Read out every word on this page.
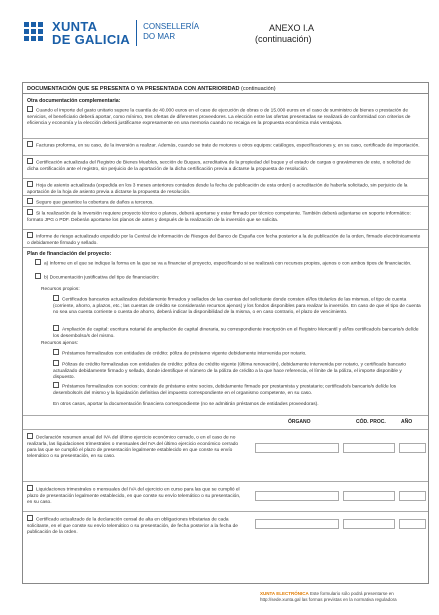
XUNTA
DE GALICIA
CONSELLERÍA
DO MAR
ANEXO I.A
(continuación)
DOCUMENTACIÓN QUE SE PRESENTA O YA PRESENTADA CON ANTERIORIDAD (continuación)
Otra documentación complementaria:
Cuando el importe del gasto unitario supere la cuantía de 40.000 euros en el caso de ejecución de obras o de 15.000 euros en el caso de suministro de bienes o prestación de servicios, el beneficiario deberá aportar, como mínimo, tres ofertas de diferentes proveedores. La elección entre las ofertas presentadas se realizará de conformidad con criterios de eficiencia y economía y la elección deberá justificarse expresamente en una memoria cuando no recaiga en la propuesta económica más ventajosa.
Facturas proforma, en su caso, de la inversión a realizar. Además, cuando se trate de motores u otros equipos: catálogos, especificaciones y, en su caso, certificado de importación.
Certificación actualizada del Registro de Bienes Muebles, sección de Buques, acreditativa de la propiedad del buque y el estado de cargas o gravámenes de este, o solicitud de dicha certificación ante el registro, sin perjuicio de la aportación de la dicha certificación previa a dictarse la propuesta de resolución.
Hoja de asiento actualizada (expedida en los 3 meses anteriores contados desde la fecha de publicación de esta orden) o acreditación de haberla solicitado, sin perjuicio de la aportación de la hoja de asiento previa a dictarse la propuesta de resolución.
Seguro que garantice la cobertura de daños a terceros.
Si la realización de la inversión requiere proyecto técnico o planos, deberá aportarse y estar firmado por técnico competente. También deberá adjuntarse en soporte informático: formato JPG o PDF. Deberán aportarse los planos de antes y después de la realización de la inversión que se solicita.
Informe de riesgo actualizado expedido por la Central de Información de Riesgos del Banco de España con fecha posterior a la de publicación de la orden, firmado electrónicamente o debidamente firmado y sellado.
Plan de financiación del proyecto:
a) Informe en el que se indique la forma en la que se va a financiar el proyecto, especificando si se realizará con recursos propios, ajenos o con ambos tipos de financiación.
b) Documentación justificativa del tipo de financiación:
Recursos propios:
Certificados bancarios actualizados debidamente firmados y sellados de las cuentas del solicitante donde consten el/los titular/es de las mismas, el tipo de cuenta (corriente, ahorro, a plazos, etc.; las cuentas de crédito se considerarán recursos ajenos) y los fondos disponibles para realizar la inversión. En caso de que el tipo de cuenta no sea una cuenta corriente o cuenta de ahorro, deberá indicar la disponibilidad de la misma, o en caso contrario, el plazo de vencimiento.
Ampliación de capital: escritura notarial de ampliación de capital dineraria, su correspondiente inscripción en el Registro Mercantil y el/los certificado/s bancario/s del/de los desembolso/s del mismo.
Recursos ajenos:
Préstamos formalizados con entidades de crédito: póliza de préstamo vigente debidamente intervenida por notario.
Pólizas de crédito formalizadas con entidades de crédito: póliza de crédito vigente (última renovación), debidamente intervenida por notario, y certificado bancario actualizado debidamente firmado y sellado, donde identifique el número de la póliza de crédito a la que hace referencia, el límite de la póliza, el importe disponible y dispuesto.
Préstamos formalizados con socios: contrato de préstamo entre socios, debidamente firmado por prestamista y prestatario; certificado/s bancario/s del/de los desembolso/s del mismo y la liquidación definitiva del impuesto correspondiente en el organismo competente, en su caso.
En otros casos, aportar la documentación financiera correspondiente (no se admitirán préstamos de entidades proveedoras).
ÓRGANO	CÓD. PROC.	AÑO
Declaración resumen anual del IVA del último ejercicio económico cerrado, o en el caso de no realizarla, las liquidaciones trimestrales o mensuales del IVA del último ejercicio económico cerrado para las que se cumplió el plazo de presentación legalmente establecido en que conste su envío telemático o su presentación, en su caso.
Liquidaciones trimestrales o mensuales del IVA del ejercicio en curso para las que se cumplió el plazo de presentación legalmente establecido, en que conste su envío telemático o su presentación, en su caso.
Certificado actualizado de la declaración censal de alta en obligaciones tributarias de cada solicitante, en el que conste su envío telemático o su presentación, de fecha posterior a la fecha de publicación de la orden.
XUNTA ELECTRÓNICA Este formulario sólo podrá presentarse en
http://sede.xunta.gal las formas previstas en la normativa reguladora
